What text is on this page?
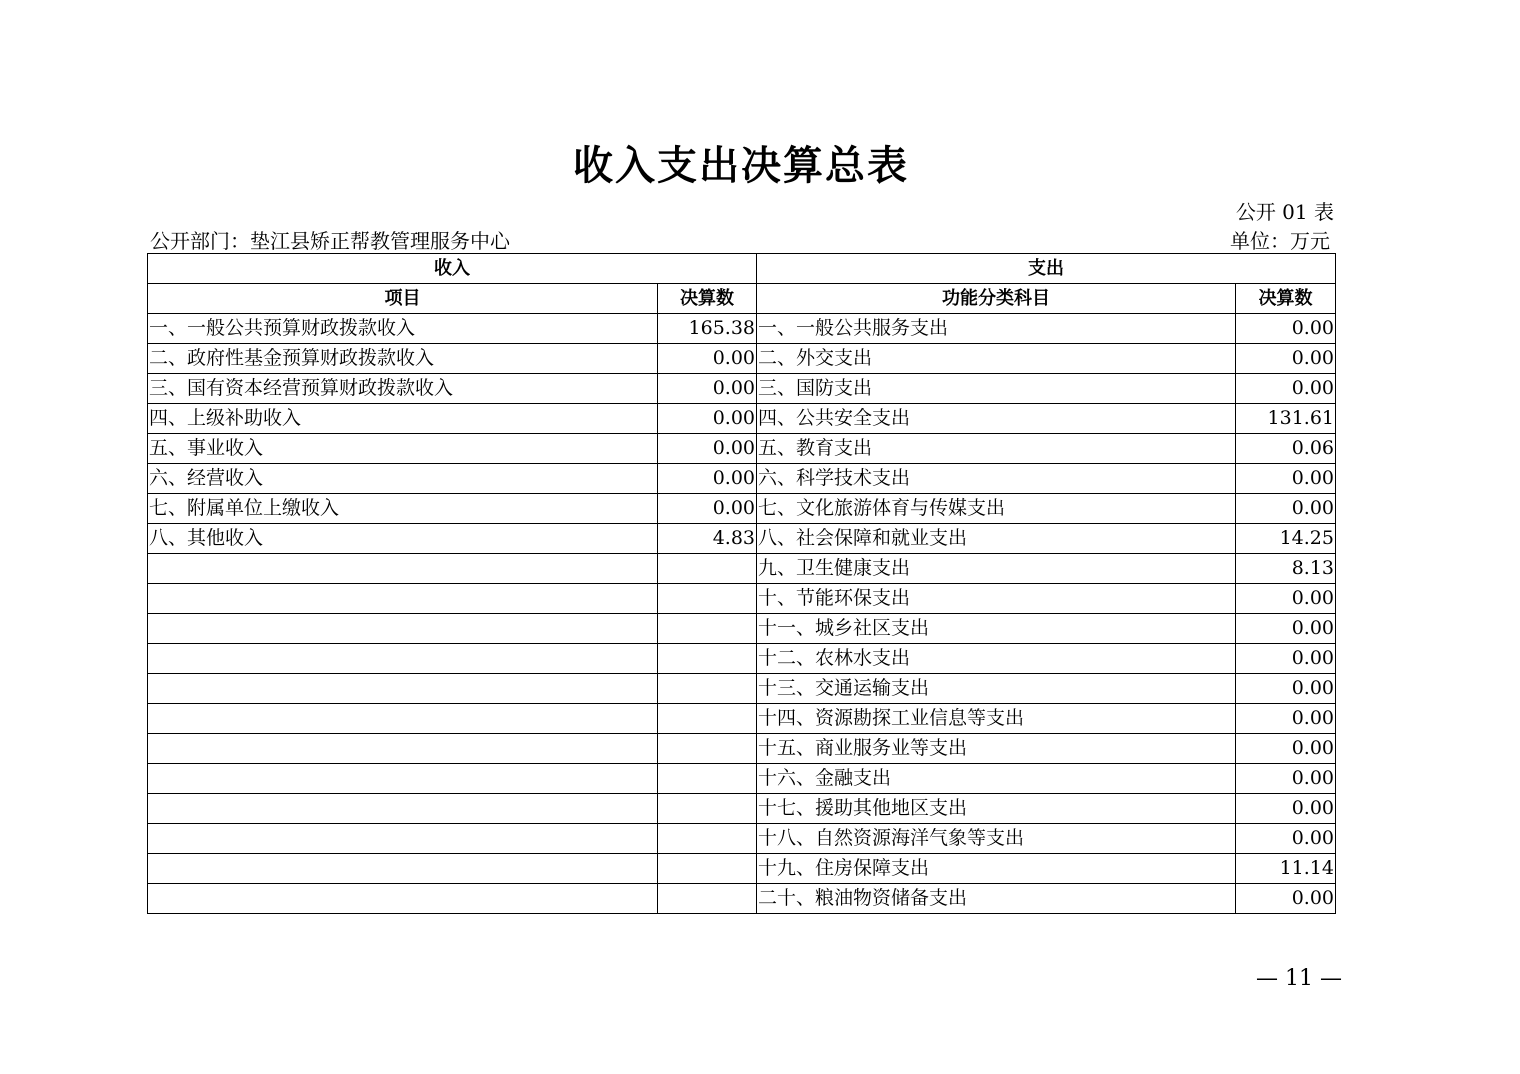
收入支出决算总表
公开 01 表
公开部门：垫江县矫正帮教管理服务中心	单位：万元
收入		支出	
项目	决算数	功能分类科目	决算数
一、一般公共预算财政拨款收入	165.38	一、一般公共服务支出	0.00
二、政府性基金预算财政拨款收入	0.00	二、外交支出	0.00
三、国有资本经营预算财政拨款收入	0.00	三、国防支出	0.00
四、上级补助收入	0.00	四、公共安全支出	131.61
五、事业收入	0.00	五、教育支出	0.06
六、经营收入	0.00	六、科学技术支出	0.00
七、附属单位上缴收入	0.00	七、文化旅游体育与传媒支出	0.00
八、其他收入	4.83	八、社会保障和就业支出	14.25
		九、卫生健康支出	8.13
		十、节能环保支出	0.00
		十一、城乡社区支出	0.00
		十二、农林水支出	0.00
		十三、交通运输支出	0.00
		十四、资源勘探工业信息等支出	0.00
		十五、商业服务业等支出	0.00
		十六、金融支出	0.00
		十七、援助其他地区支出	0.00
		十八、自然资源海洋气象等支出	0.00
		十九、住房保障支出	11.14
		二十、粮油物资储备支出	0.00
— 11 —
